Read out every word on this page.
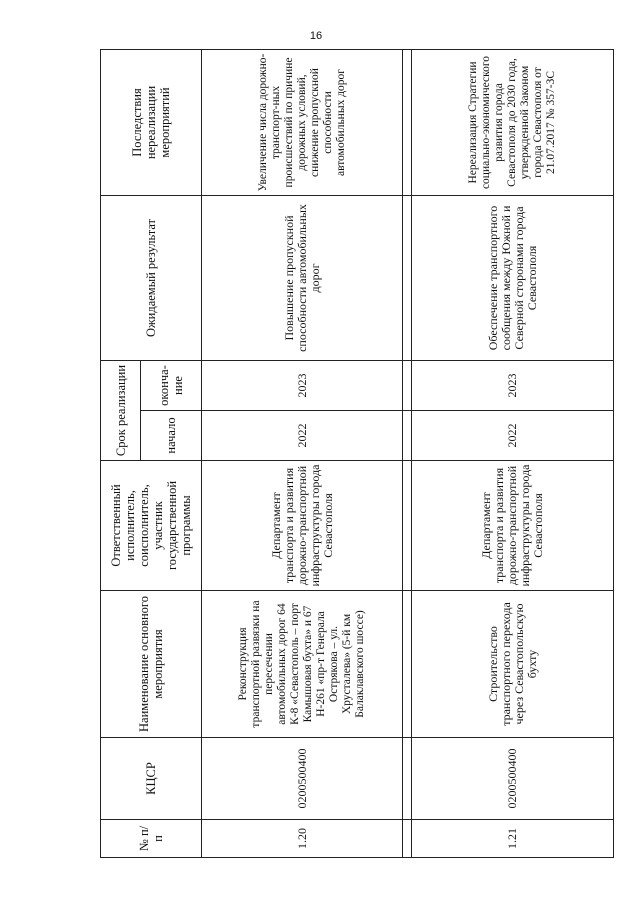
16
№ п/п	КЦСР	Наименование основного мероприятия	Ответственный исполнитель, соисполнитель, участник государственной программы	Срок реализации		Ожидаемый результат	Последствия нереализации мероприятий
				начало	оконча-ние		
1.20	0200500400	Реконструкция транспортной развязки на пересечении автомобильных дорог 64 К-8 «Севастополь – порт Камышовая бухта» и 67 Н-261 «пр-т Генерала Острякова – ул. Хрусталева» (5-й км Балаклавского шоссе)	Департамент транспорта и развития дорожно-транспортной инфраструктуры города Севастополя	2022	2023	Повышение пропускной способности автомобильных дорог	Увеличение числа дорожно-транспорт-ных происшествий по причине дорожных условий, снижение пропускной способности автомобильных дорог

1.21	0200500400	Строительство транспортного перехода через Севастопольскую бухту	Департамент транспорта и развития дорожно-транспортной инфраструктуры города Севастополя	2022	2023	Обеспечение транспортного сообщения между Южной и Северной сторонами города Севастополя	Нереализация Стратегии социально-экономического развития города Севастополя до 2030 года, утвержденной Законом города Севастополя от 21.07.2017 № 357-ЗС
